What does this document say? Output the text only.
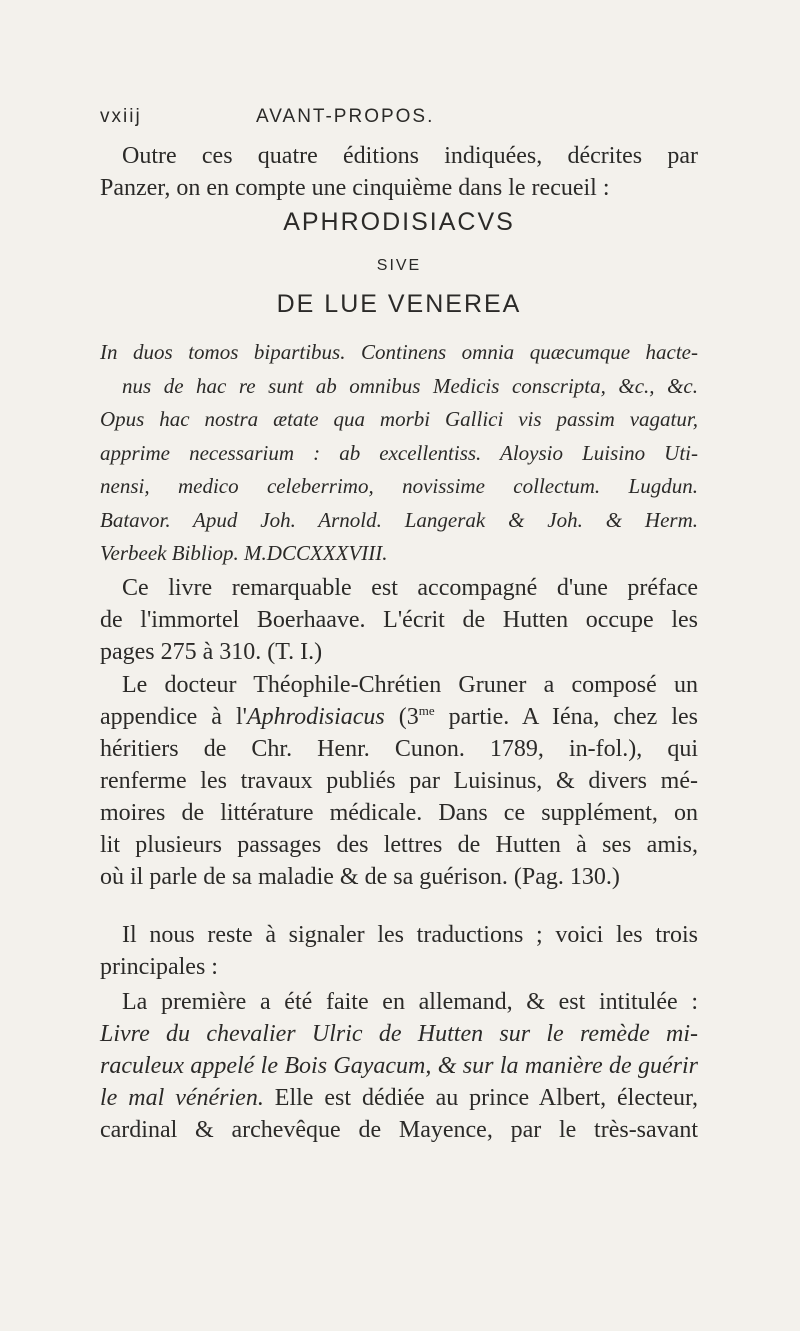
vxiij	AVANT-PROPOS.
Outre ces quatre éditions indiquées, décrites par
Panzer, on en compte une cinquième dans le recueil :
APHRODISIACVS
SIVE
DE LUE VENEREA
In duos tomos bipartibus. Continens omnia quæcumque hacte-
nus de hac re sunt ab omnibus Medicis conscripta, &c., &c.
Opus hac nostra ætate qua morbi Gallici vis passim vagatur,
apprime necessarium : ab excellentiss. Aloysio Luisino Uti-
nensi, medico celeberrimo, novissime collectum. Lugdun.
Batavor. Apud Joh. Arnold. Langerak & Joh. & Herm.
Verbeek Bibliop. M.DCCXXXVIII.
Ce livre remarquable est accompagné d'une préface
de l'immortel Boerhaave. L'écrit de Hutten occupe les
pages 275 à 310. (T. I.)
Le docteur Théophile-Chrétien Gruner a composé un
appendice à l'Aphrodisiacus ($3^{me}$ partie. A Iéna, chez les
héritiers de Chr. Henr. Cunon. 1789, in-fol.), qui
renferme les travaux publiés par Luisinus, & divers mé-
moires de littérature médicale. Dans ce supplément, on
lit plusieurs passages des lettres de Hutten à ses amis,
où il parle de sa maladie & de sa guérison. (Pag. 130.)
Il nous reste à signaler les traductions ; voici les trois
principales :
La première a été faite en allemand, & est intitulée :
Livre du chevalier Ulric de Hutten sur le remède mi-
raculeux appelé le Bois Gayacum, & sur la manière de guérir
le mal vénérien. Elle est dédiée au prince Albert, électeur,
cardinal & archevêque de Mayence, par le très-savant
